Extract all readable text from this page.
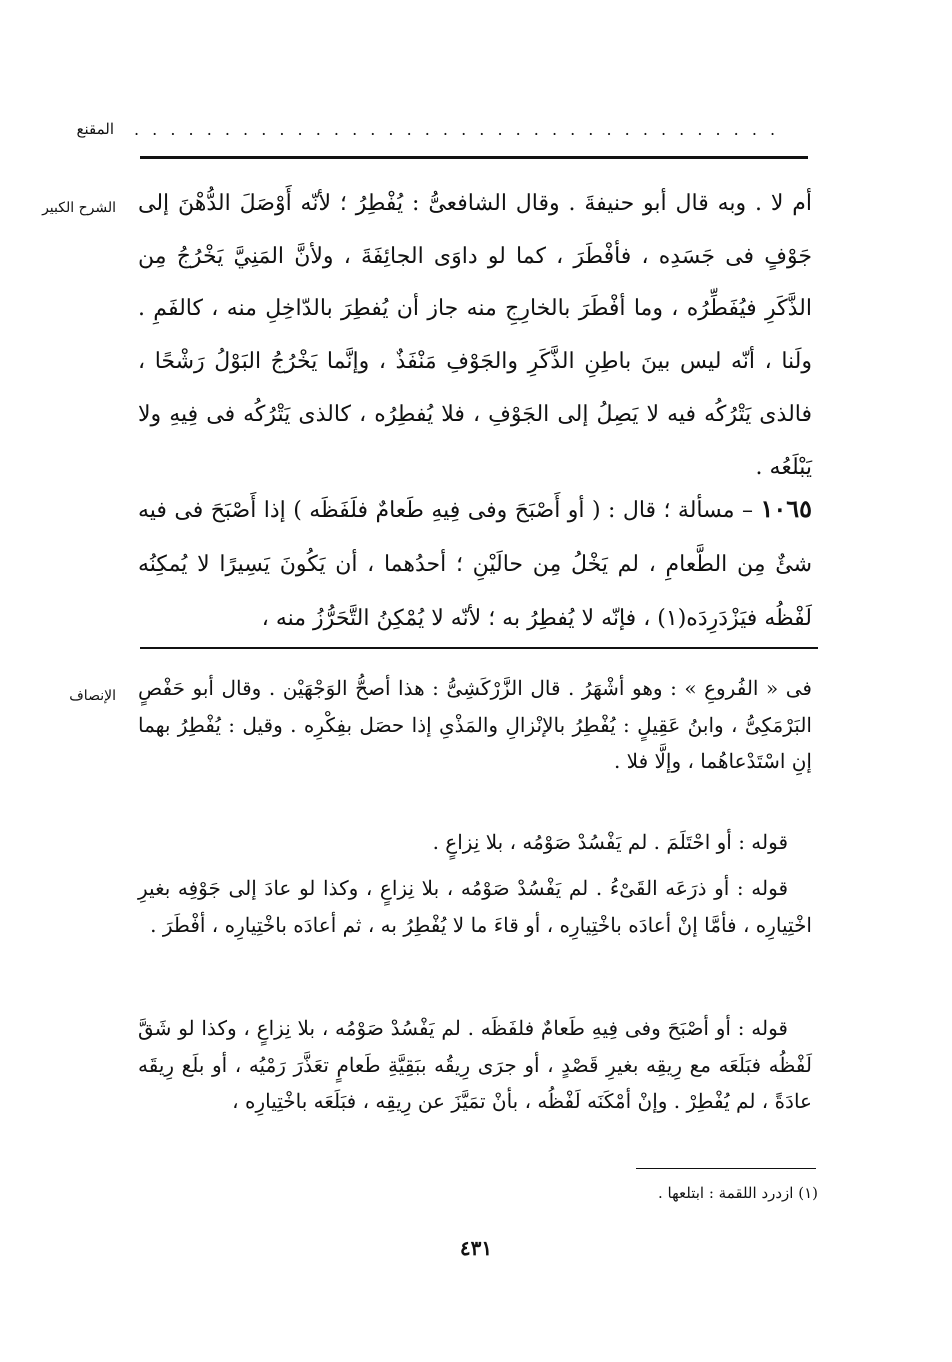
. . . . . . . . . . . . . . . . . . . . . . . . . . . . . . . . . . . .
المقنع
الشرح الكبير أم لا . وبه قال أبو حنيفةَ . وقال الشافعىُّ : يُفْطِرُ ؛ لأنّه أَوْصَلَ الدُّهْنَ إلى جَوْفٍ فى جَسَدِه ، فأفْطَرَ ، كما لو داوَى الجائِفَةَ ، ولأنَّ المَنِيَّ يَخْرُجُ مِن الذَّكَرِ فيُفَطِّرُه ، وما أفْطَرَ بالخارِجِ منه جاز أن يُفطِرَ بالدّاخِلِ منه ، كالفَمِ . ولَنا ، أنّه ليس بينَ باطِنِ الذَّكَرِ والجَوْفِ مَنْفَذٌ ، وإنَّما يَخْرُجُ البَوْلُ رَشْحًا ، فالذى يَتْرُكُه فيه لا يَصِلُ إلى الجَوْفِ ، فلا يُفطِرُه ، كالذى يَتْرُكُه فى فِيهِ ولا يَبْلَعُه .
١٠٦٥ – مسألة ؛ قال : ( أو أَصْبَحَ وفى فِيهِ طَعامٌ فلَفَظَه ) إذا أَصْبَحَ فى فيه شئٌ مِن الطَّعامِ ، لم يَخْلُ مِن حالَيْنِ ؛ أحدُهما ، أن يَكُونَ يَسِيرًا لا يُمكِنُه لَفْظُه فيَزْدَرِدَه(١) ، فإنّه لا يُفطِرُ به ؛ لأنّه لا يُمْكِنُ التَّحَرُّزُ منه ،
الإنصاف فى « الفُروعِ » : وهو أشْهَرُ . قال الزَّرْكَشِىُّ : هذا أصحُّ الوَجْهَيْن . وقال أبو حَفْصٍ البَرْمَكِىُّ ، وابنُ عَقِيلٍ : يُفْطِرُ بالإنْزالِ والمَذْىِ إذا حصَل بفِكْرِه . وقيل : يُفْطِرُ بهما إنِ اسْتَدْعاهُما ، وإلَّا فلا .
قوله : أو احْتَلَمَ . لم يَفْسُدْ صَوْمُه ، بلا نِزاعٍ .
قوله : أو ذرَعَه القَىْءُ . لم يَفْسُدْ صَوْمُه ، بلا نِزاعٍ ، وكذا لو عادَ إلى جَوْفِه بغيرِ اخْتِيارِه ، فأمَّا إنْ أعادَه باخْتِيارِه ، أو قاءَ ما لا يُفْطِرُ به ، ثم أعادَه باخْتِيارِه ، أفْطَرَ .
قوله : أو أصْبَحَ وفى فِيهِ طَعامٌ فلفَظَه . لم يَفْسُدْ صَوْمُه ، بلا نِزاعٍ ، وكذا لو شَقَّ لَفْظُه فبَلَعَه مع رِيقِه بغيرِ قَصْدٍ ، أو جرَى رِيقُه ببَقِيَّةِ طَعامٍ تعَذَّرَ رَمْيُه ، أو بلَع رِيقَه عادَةً ، لم يُفْطِرْ . وإنْ أمْكَنَه لَفْظُه ، بأنْ تمَيَّزَ عن رِيقِه ، فبَلَعَه باخْتِيارِه ،
(١) ازدرد اللقمة : ابتلعها .
٤٣١
